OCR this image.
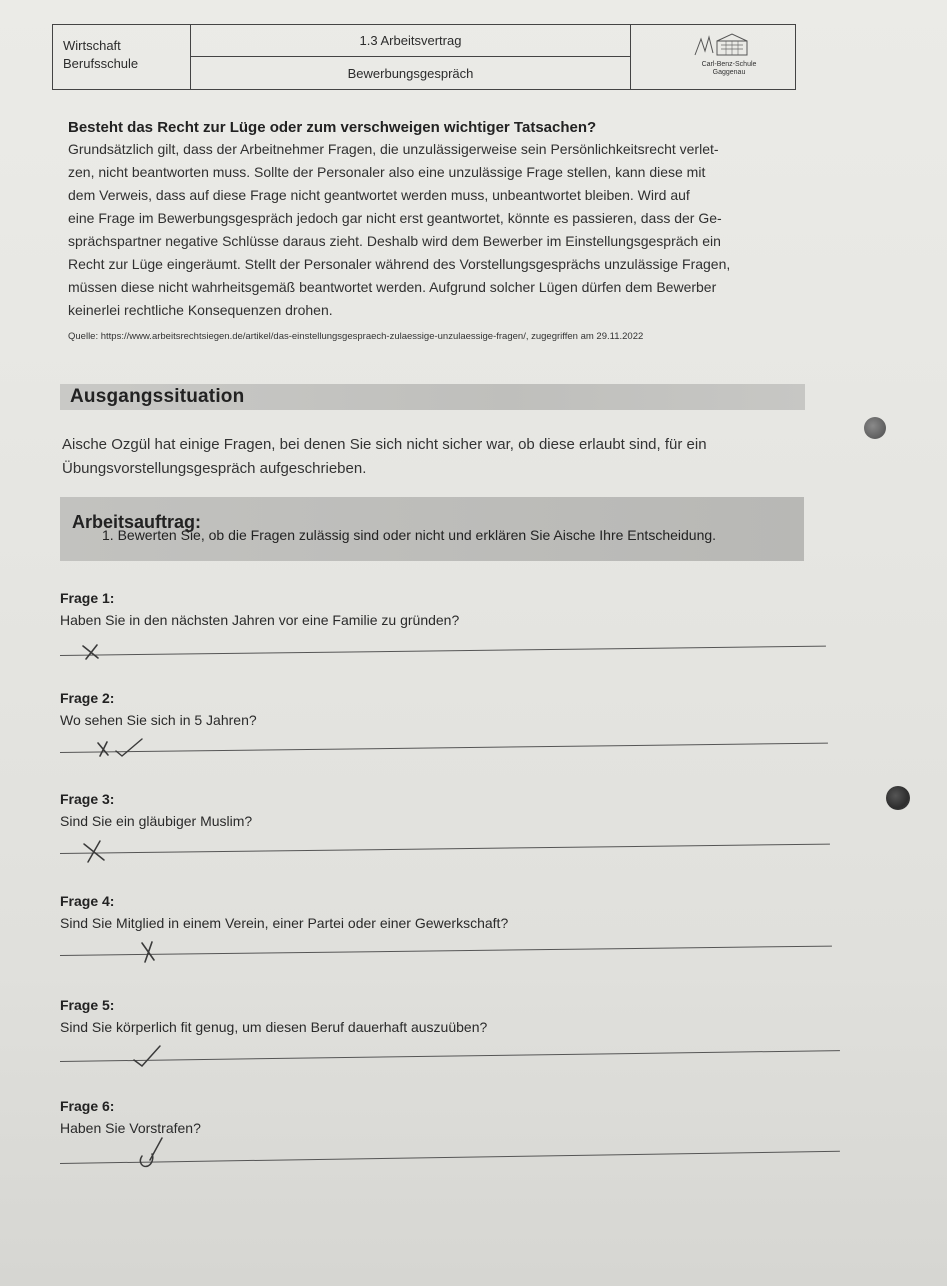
Wirtschaft
Berufsschule
1.3 Arbeitsvertrag
Bewerbungsgespräch
Carl-Benz-Schule
Gaggenau
Besteht das Recht zur Lüge oder zum verschweigen wichtiger Tatsachen?
Grundsätzlich gilt, dass der Arbeitnehmer Fragen, die unzulässigerweise sein Persönlichkeitsrecht verlet-
zen, nicht beantworten muss. Sollte der Personaler also eine unzulässige Frage stellen, kann diese mit
dem Verweis, dass auf diese Frage nicht geantwortet werden muss, unbeantwortet bleiben. Wird auf
eine Frage im Bewerbungsgespräch jedoch gar nicht erst geantwortet, könnte es passieren, dass der Ge-
sprächspartner negative Schlüsse daraus zieht. Deshalb wird dem Bewerber im Einstellungsgespräch ein
Recht zur Lüge eingeräumt. Stellt der Personaler während des Vorstellungsgesprächs unzulässige Fragen,
müssen diese nicht wahrheitsgemäß beantwortet werden. Aufgrund solcher Lügen dürfen dem Bewerber
keinerlei rechtliche Konsequenzen drohen.
Quelle: https://www.arbeitsrechtsiegen.de/artikel/das-einstellungsgespraech-zulaessige-unzulaessige-fragen/, zugegriffen am 29.11.2022
Ausgangssituation
Aische Ozgül hat einige Fragen, bei denen Sie sich nicht sicher war, ob diese erlaubt sind, für ein
Übungsvorstellungsgespräch aufgeschrieben.
Arbeitsauftrag:
1. Bewerten Sie, ob die Fragen zulässig sind oder nicht und erklären Sie Aische Ihre Entscheidung.
Frage 1:
Haben Sie in den nächsten Jahren vor eine Familie zu gründen?
Frage 2:
Wo sehen Sie sich in 5 Jahren?
Frage 3:
Sind Sie ein gläubiger Muslim?
Frage 4:
Sind Sie Mitglied in einem Verein, einer Partei oder einer Gewerkschaft?
Frage 5:
Sind Sie körperlich fit genug, um diesen Beruf dauerhaft auszuüben?
Frage 6:
Haben Sie Vorstrafen?
